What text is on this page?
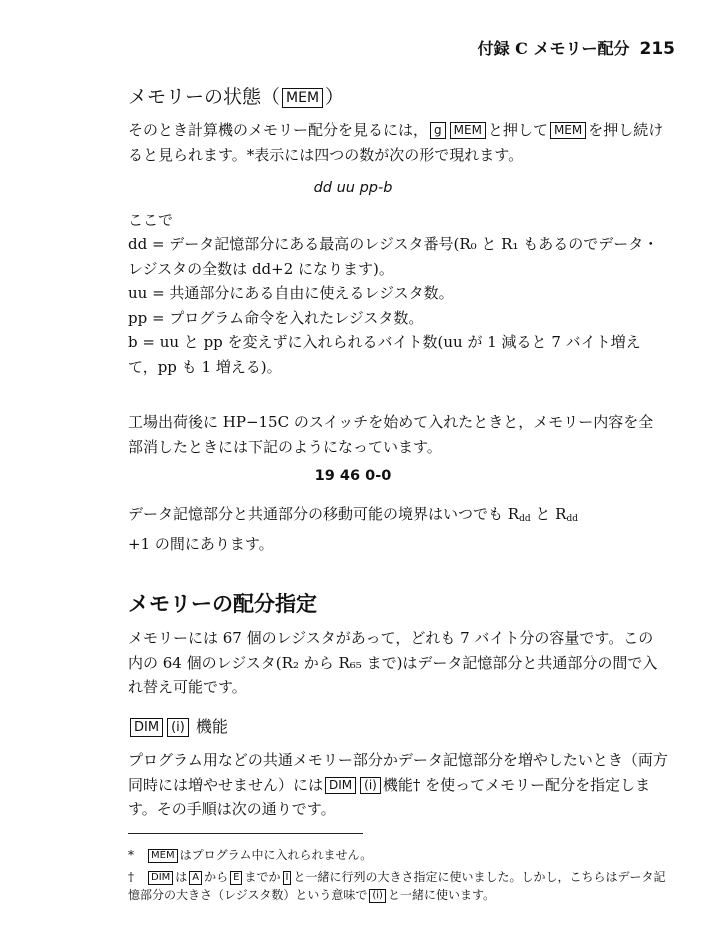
付録 C メモリー配分 215
メモリーの状態（ MEM ）
そのとき計算機のメモリー配分を見るには， g MEM と押して MEM を押し続けると見られます。*表示には四つの数が次の形で現れます。
dd uu pp-b
ここで
dd = データ記憶部分にある最高のレジスタ番号(R₀ と R₁ もあるのでデータ・レジスタの全数は dd+2 になります)。
uu = 共通部分にある自由に使えるレジスタ数。
pp = プログラム命令を入れたレジスタ数。
b = uu と pp を変えずに入れられるバイト数(uu が 1 減ると 7 バイト増えて，pp も 1 増える)。
工場出荷後に HP−15C のスイッチを始めて入れたときと，メモリー内容を全部消したときには下記のようになっています。
19 46 0-0
データ記憶部分と共通部分の移動可能の境界はいつでも $R_{dd}$ と $R_{dd}$
+1 の間にあります。
メモリーの配分指定
メモリーには 67 個のレジスタがあって，どれも 7 バイト分の容量です。この内の 64 個のレジスタ(R₂ から R₆₅ まで)はデータ記憶部分と共通部分の間で入れ替え可能です。
DIM (i) 機能
プログラム用などの共通メモリー部分かデータ記憶部分を増やしたいとき（両方同時には増やせません）には DIM (i) 機能† を使ってメモリー配分を指定します。その手順は次の通りです。
* MEM はプログラム中に入れられません。
† DIM は A から E までか I と一緒に行列の大きさ指定に使いました。しかし，こちらはデータ記憶部分の大きさ（レジスタ数）という意味で (i) と一緒に使います。
